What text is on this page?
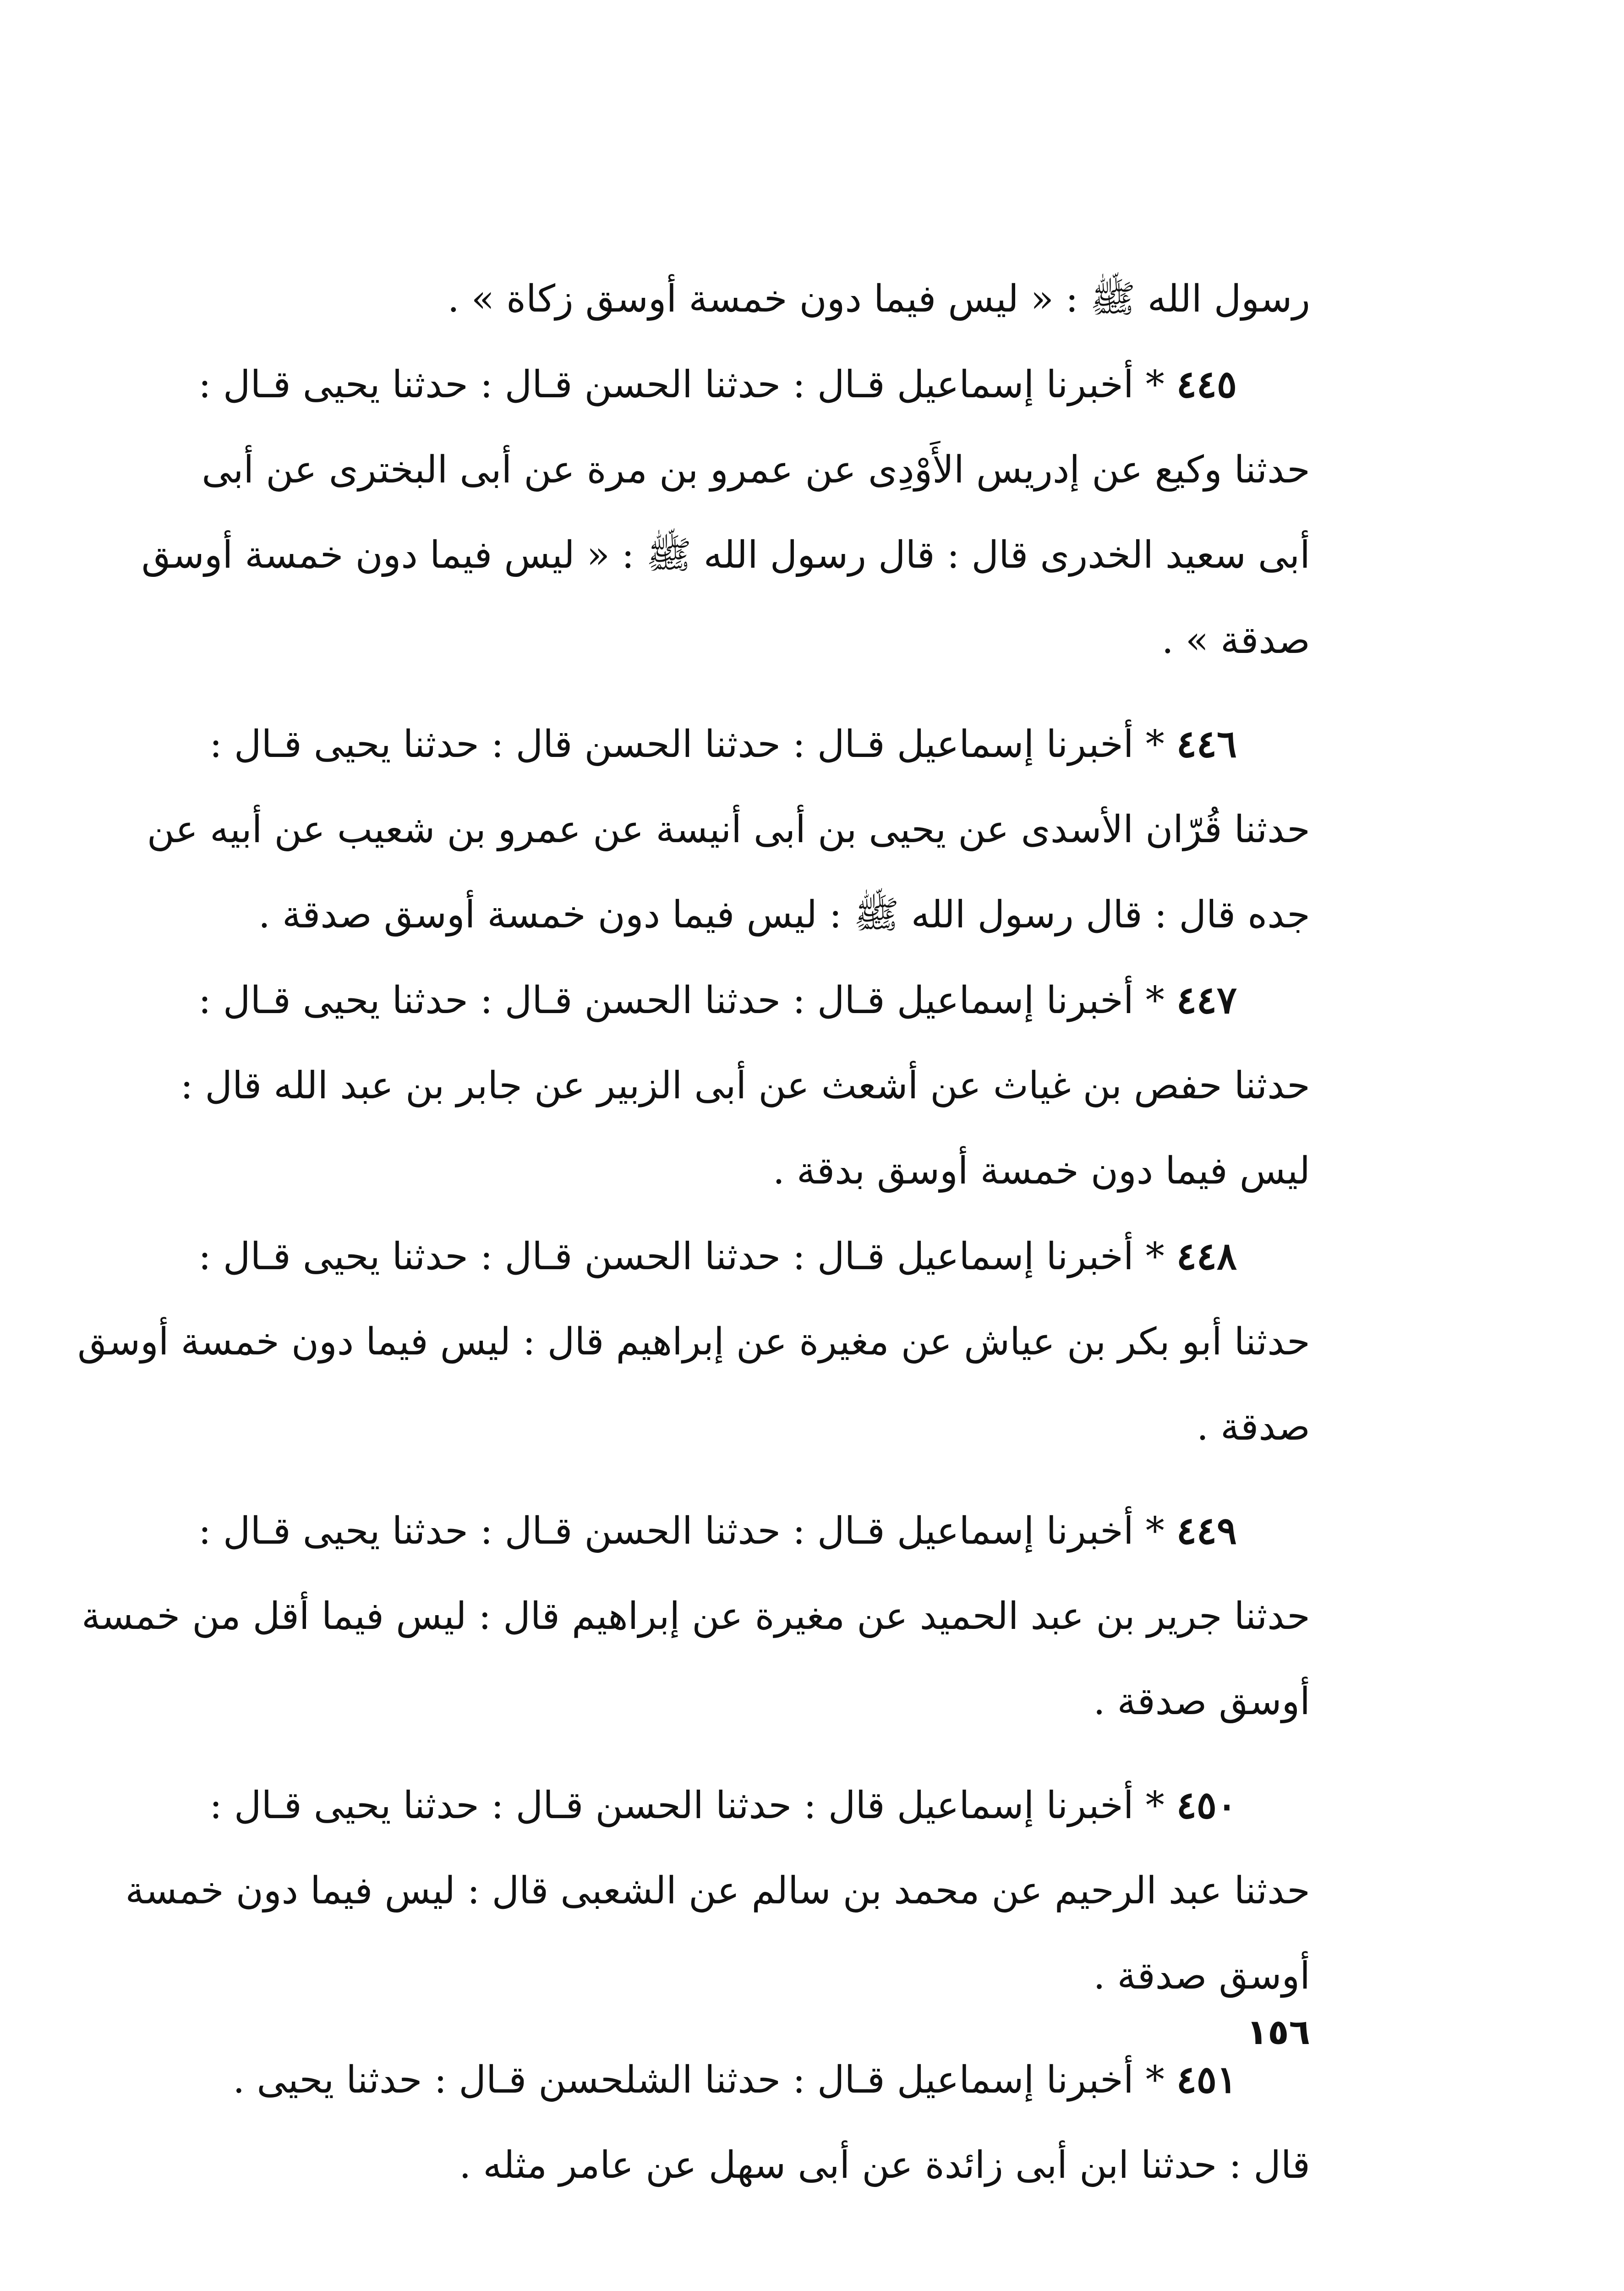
رسول الله ﷺ : « ليس فيما دون خمسة أوسق زكاة » .
٤٤٥ * أخبرنا إسماعيل قـال : حدثنا الحسن قـال : حدثنا يحيى قـال :
حدثنا وكيع عن إدريس الأَوْدِى عن عمرو بن مرة عن أبى البخترى عن أبى
أبى سعيد الخدرى قال : قال رسول الله ﷺ : « ليس فيما دون خمسة أوسق
صدقة » .
٤٤٦ * أخبرنا إسماعيل قـال : حدثنا الحسن قال : حدثنا يحيى قـال :
حدثنا قُرّان الأسدى عن يحيى بن أبى أنيسة عن عمرو بن شعيب عن أبيه عن
جده قال : قال رسول الله ﷺ : ليس فيما دون خمسة أوسق صدقة .
٤٤٧ * أخبرنا إسماعيل قـال : حدثنا الحسن قـال : حدثنا يحيى قـال :
حدثنا حفص بن غياث عن أشعث عن أبى الزبير عن جابر بن عبد الله قال :
ليس فيما دون خمسة أوسق بدقة .
٤٤٨ * أخبرنا إسماعيل قـال : حدثنا الحسن قـال : حدثنا يحيى قـال :
حدثنا أبو بكر بن عياش عن مغيرة عن إبراهيم قال : ليس فيما دون خمسة أوسق
صدقة .
٤٤٩ * أخبرنا إسماعيل قـال : حدثنا الحسن قـال : حدثنا يحيى قـال :
حدثنا جرير بن عبد الحميد عن مغيرة عن إبراهيم قال : ليس فيما أقل من خمسة
أوسق صدقة .
٤٥٠ * أخبرنا إسماعيل قال : حدثنا الحسن قـال : حدثنا يحيى قـال :
حدثنا عبد الرحيم عن محمد بن سالم عن الشعبى قال : ليس فيما دون خمسة
أوسق صدقة .
٤٥١ * أخبرنا إسماعيل قـال : حدثنا الشلحسن قـال : حدثنا يحيى .
قال : حدثنا ابن أبى زائدة عن أبى سهل عن عامر مثله .
١٥٦
